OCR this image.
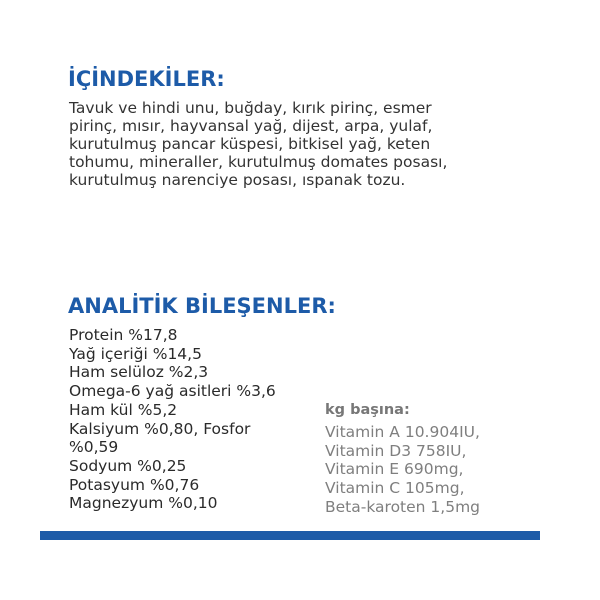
İÇİNDEKİLER:

Tavuk ve hindi unu, buğday, kırık pirinç, esmer
pirinç, mısır, hayvansal yağ, dijest, arpa, yulaf,
kurutulmuş pancar küspesi, bitkisel yağ, keten
tohumu, mineraller, kurutulmuş domates posası,
kurutulmuş narenciye posası, ıspanak tozu.

ANALİTİK BİLEŞENLER:
Protein %17,8
Yağ içeriği %14,5
Ham selüloz %2,3
Omega-6 yağ asitleri %3,6
Ham kül %5,2
Kalsiyum %0,80, Fosfor
%0,59
Sodyum %0,25
Potasyum %0,76
Magnezyum %0,10

kg başına:

Vitamin A 10.904IU,
Vitamin D3 758IU,
Vitamin E 690mg,
Vitamin C 105mg,
Beta-karoten 1,5mg
